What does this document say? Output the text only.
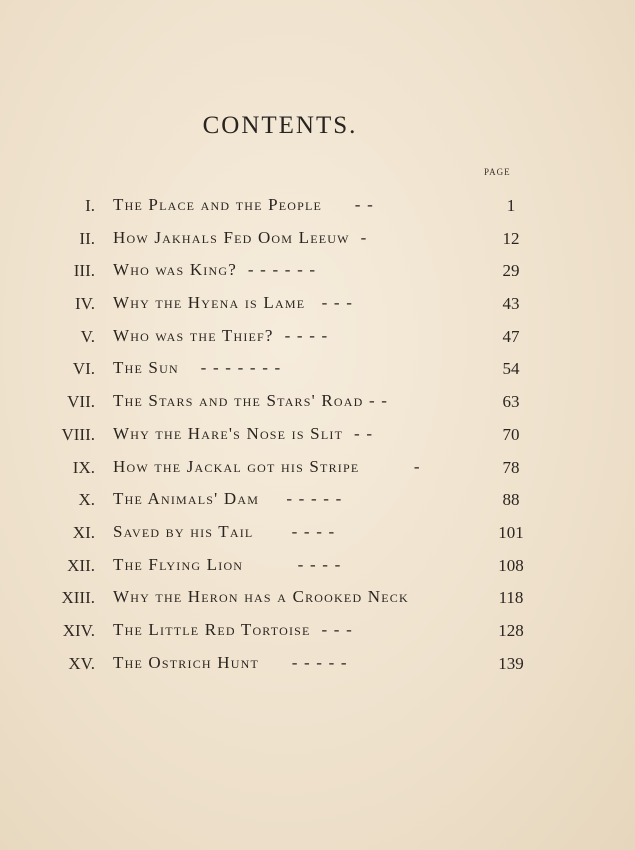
CONTENTS.
PAGE
I. The Place and the People - -	1
II. How Jakhals Fed Oom Leeuw -	12
III. Who was King? - - - - - -	29
IV. Why the Hyena is Lame - - -	43
V. Who was the Thief? - - - -	47
VI. The Sun - - - - - - -	54
VII. The Stars and the Stars' Road - -	63
VIII. Why the Hare's Nose is Slit - -	70
IX. How the Jackal got his Stripe	-	78
X. The Animals' Dam - - - - -	88
XI. Saved by his Tail - - - -	101
XII. The Flying Lion	- - - -	108
XIII. Why the Heron has a Crooked Neck	118
XIV. The Little Red Tortoise - - -	128
XV. The Ostrich Hunt - - - - -	139
